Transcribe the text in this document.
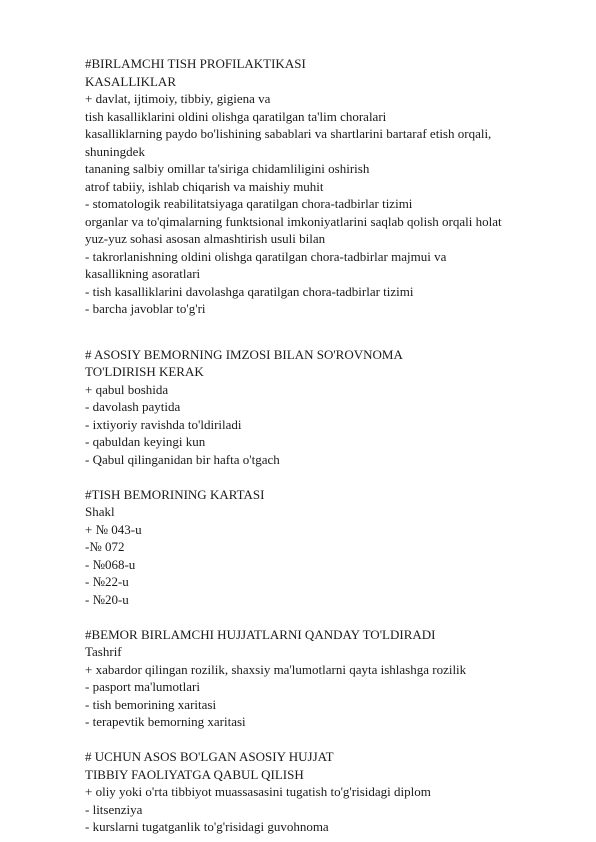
#BIRLAMCHI TISH PROFILAKTIKASI
KASALLIKLAR
+ davlat, ijtimoiy, tibbiy, gigiena va
tish kasalliklarini oldini olishga qaratilgan ta'lim choralari
kasalliklarning paydo bo'lishining sabablari va shartlarini bartaraf etish orqali,
shuningdek
tananing salbiy omillar ta'siriga chidamliligini oshirish
atrof tabiiy, ishlab chiqarish va maishiy muhit
- stomatologik reabilitatsiyaga qaratilgan chora-tadbirlar tizimi
organlar va to'qimalarning funktsional imkoniyatlarini saqlab qolish orqali holat
yuz-yuz sohasi asosan almashtirish usuli bilan
- takrorlanishning oldini olishga qaratilgan chora-tadbirlar majmui va
kasallikning asoratlari
- tish kasalliklarini davolashga qaratilgan chora-tadbirlar tizimi
- barcha javoblar to'g'ri
# ASOSIY BEMORNING IMZOSI BILAN SO'ROVNOMA
TO'LDIRISH KERAK
+ qabul boshida
- davolash paytida
- ixtiyoriy ravishda to'ldiriladi
- qabuldan keyingi kun
- Qabul qilinganidan bir hafta o'tgach
#TISH BEMORINING KARTASI
Shakl
+ № 043-u
-№ 072
- №068-u
- №22-u
- №20-u
#BEMOR BIRLAMCHI HUJJATLARNI QANDAY TO'LDIRADI
Tashrif
+ xabardor qilingan rozilik, shaxsiy ma'lumotlarni qayta ishlashga rozilik
- pasport ma'lumotlari
- tish bemorining xaritasi
- terapevtik bemorning xaritasi
# UCHUN ASOS BO'LGAN ASOSIY HUJJAT
TIBBIY FAOLIYATGA QABUL QILISH
+ oliy yoki o'rta tibbiyot muassasasini tugatish to'g'risidagi diplom
- litsenziya
- kurslarni tugatganlik to'g'risidagi guvohnoma
